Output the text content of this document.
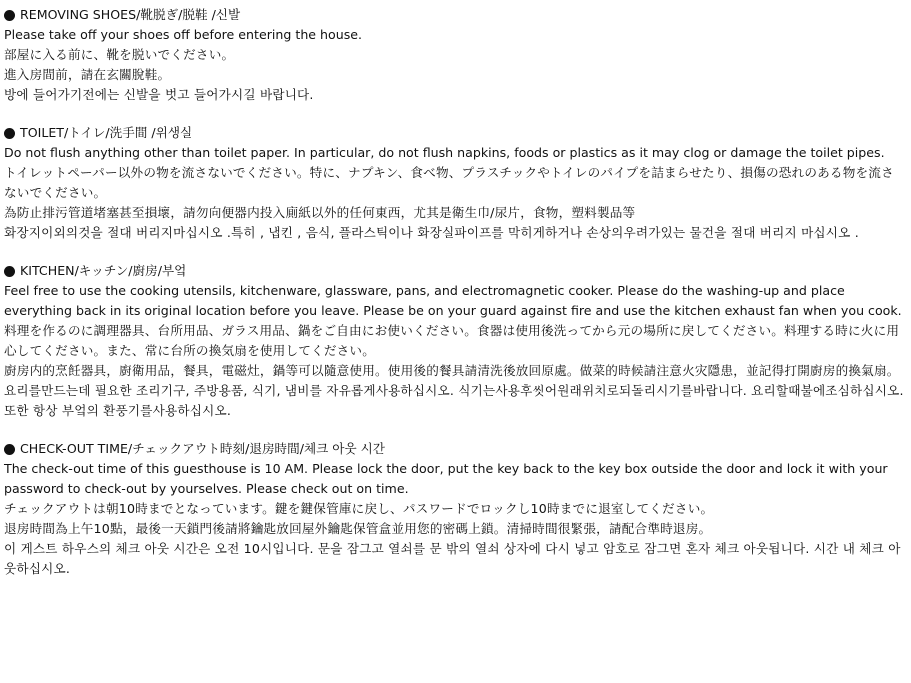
REMOVING SHOES/靴脱ぎ/脱鞋 /신발

Please take off your shoes off before entering the house.

部屋に入る前に、靴を脱いでください。

進入房間前，請在玄關脫鞋。

방에 들어가기전에는 신발을 벗고 들어가시길 바랍니다.

TOILET/トイレ/洗手間 /위생실

Do not flush anything other than toilet paper. In particular, do not flush napkins, foods or plastics as it may clog or damage the toilet pipes.

トイレットペーパー以外の物を流さないでください。特に、ナプキン、食べ物、プラスチックやトイレのパイプを詰まらせたり、損傷の恐れのある物を流さないでください。

為防止排污管道堵塞甚至損壞，請勿向便器内投入廁紙以外的任何東西，尤其是衛生巾/尿片，食物，塑料製品等

화장지이외의것을 절대 버리지마십시오 .특히 , 냅킨 , 음식, 플라스틱이나 화장실파이프를 막히게하거나 손상의우려가있는 물건을 절대 버리지 마십시오 .

KITCHEN/キッチン/廚房/부엌

Feel free to use the cooking utensils, kitchenware, glassware, pans, and electromagnetic cooker. Please do the washing-up and place everything back in its original location before you leave. Please be on your guard against fire and use the kitchen exhaust fan when you cook.

料理を作るのに調理器具、台所用品、ガラス用品、鍋をご自由にお使いください。食器は使用後洗ってから元の場所に戻してください。料理する時に火に用心してください。また、常に台所の換気扇を使用してください。

廚房内的烹飪器具，廚衛用品，餐具，電磁灶，鍋等可以隨意使用。使用後的餐具請清洗後放回原處。做菜的時候請注意火灾隱患，並記得打開廚房的換氣扇。

요리를만드는데 필요한 조리기구, 주방용품, 식기, 냄비를 자유롭게사용하십시오. 식기는사용후씻어원래위치로되돌리시기를바랍니다. 요리할때불에조심하십시오. 또한 항상 부엌의 환풍기를사용하십시오.

CHECK-OUT TIME/チェックアウト時刻/退房時間/체크 아웃 시간

The check-out time of this guesthouse is 10 AM. Please lock the door, put the key back to the key box outside the door and lock it with your password to check-out by yourselves. Please check out on time.

チェックアウトは朝10時までとなっています。鍵を鍵保管庫に戻し、パスワードでロックし10時までに退室してください。

退房時間為上午10點，最後一天鎖門後請將鑰匙放回屋外鑰匙保管盒並用您的密碼上鎖。清掃時間很緊張，請配合準時退房。

이 게스트 하우스의 체크 아웃 시간은 오전 10시입니다. 문을 잠그고 열쇠를 문 밖의 열쇠 상자에 다시 넣고 암호로 잠그면 혼자 체크 아웃됩니다. 시간 내 체크 아웃하십시오.
